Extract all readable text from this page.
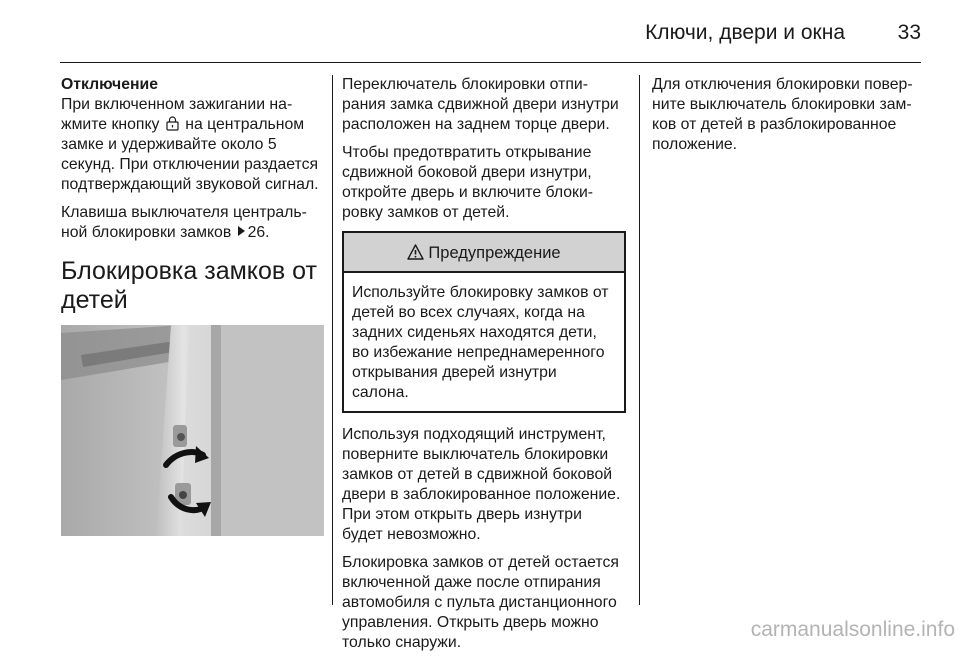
Ключи, двери и окна	33
Отключение

При включенном зажигании нажмите кнопку на центральном замке и удерживайте около 5 секунд. При отключении раздается подтверждающий звуковой сигнал.

Клавиша выключателя центральной блокировки замков 26.

Блокировка замков от детей

Переключатель блокировки отпирания замка сдвижной двери изнутри расположен на заднем торце двери.

Чтобы предотвратить открывание сдвижной боковой двери изнутри, откройте дверь и включите блокировку замков от детей.

Предупреждение
Используйте блокировку замков от детей во всех случаях, когда на задних сиденьях находятся дети, во избежание непреднамеренного открывания дверей изнутри салона.

Используя подходящий инструмент, поверните выключатель блокировки замков от детей в сдвижной боковой двери в заблокированное положение. При этом открыть дверь изнутри будет невозможно.

Блокировка замков от детей остается включенной даже после отпирания автомобиля с пульта дистанционного управления. Открыть дверь можно только снаружи.

Для отключения блокировки поверните выключатель блокировки замков от детей в разблокированное положение.

carmanualsonline.info
